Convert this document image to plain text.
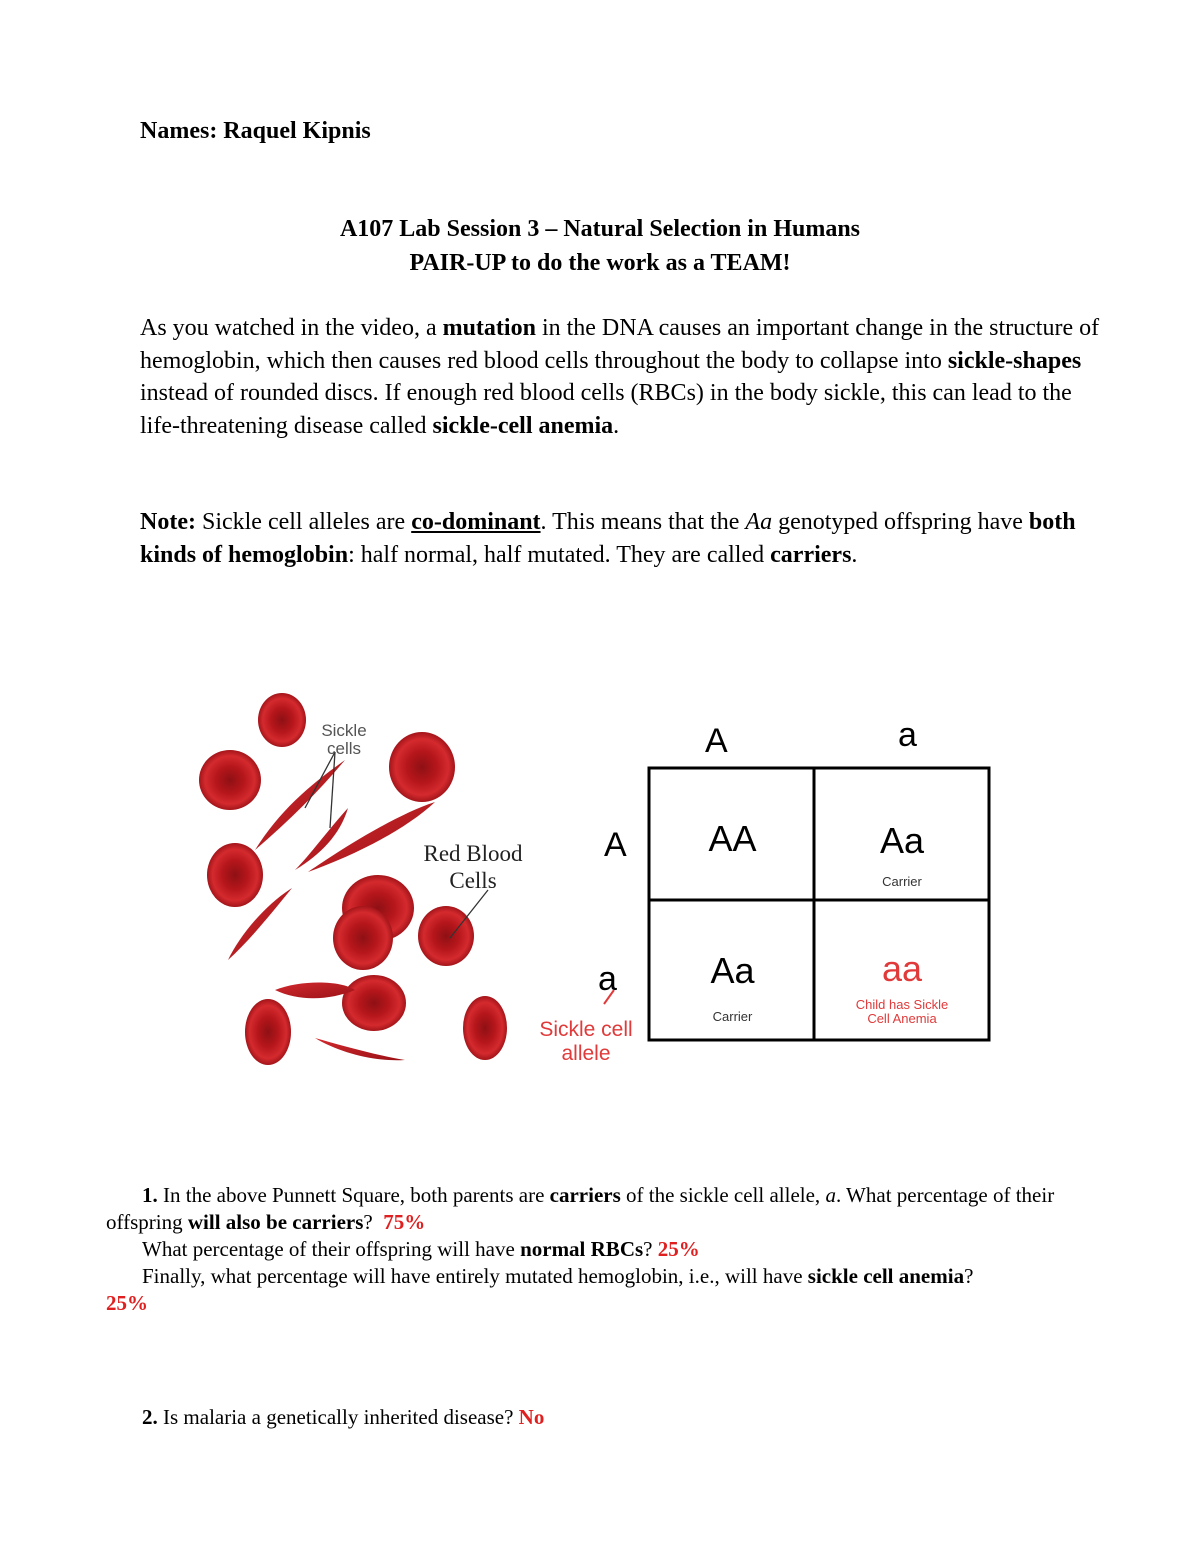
Names: Raquel Kipnis
A107 Lab Session 3 – Natural Selection in Humans
PAIR-UP to do the work as a TEAM!
As you watched in the video, a mutation in the DNA causes an important change in the structure of hemoglobin, which then causes red blood cells throughout the body to collapse into sickle-shapes instead of rounded discs. If enough red blood cells (RBCs) in the body sickle, this can lead to the life-threatening disease called sickle-cell anemia.
Note: Sickle cell alleles are co-dominant. This means that the Aa genotyped offspring have both kinds of hemoglobin: half normal, half mutated. They are called carriers.
Sickle
cells
Red Blood
Cells
A	a
A
a
AA	Aa
Carrier
Aa
Carrier
aa
Child has Sickle
Cell Anemia
Sickle cell
allele
1. In the above Punnett Square, both parents are carriers of the sickle cell allele, a. What percentage of their offspring will also be carriers? 75%
What percentage of their offspring will have normal RBCs? 25%
Finally, what percentage will have entirely mutated hemoglobin, i.e., will have sickle cell anemia?
25%
2. Is malaria a genetically inherited disease? No
